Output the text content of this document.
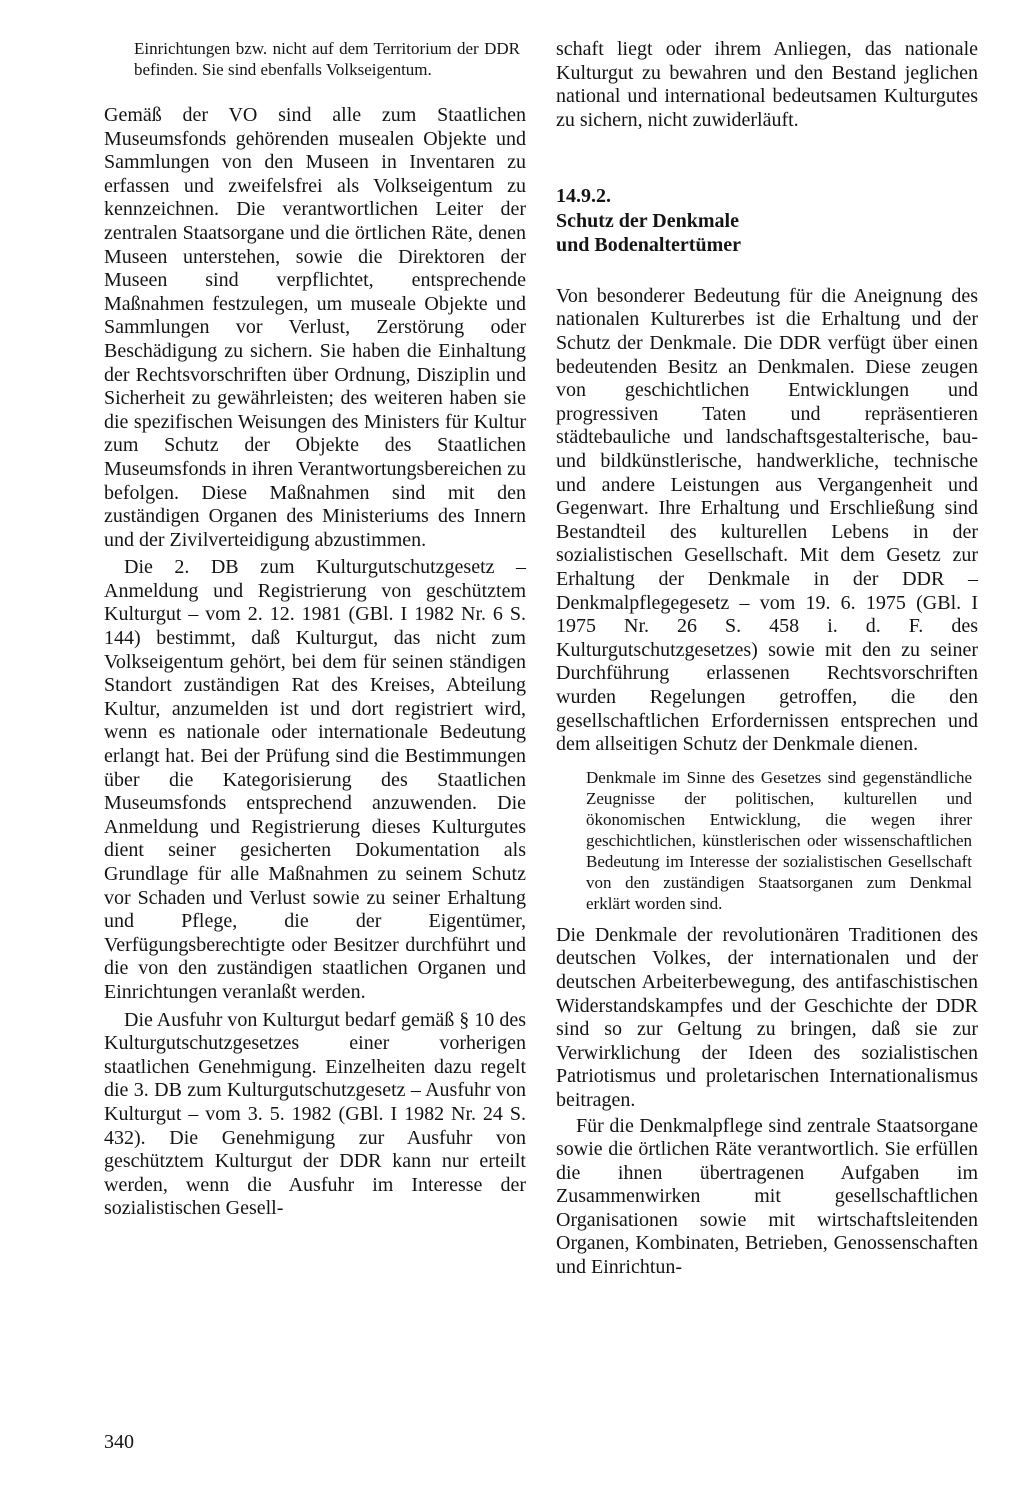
Einrichtungen bzw. nicht auf dem Territorium der DDR befinden. Sie sind ebenfalls Volkseigentum.

Gemäß der VO sind alle zum Staatlichen Museumsfonds gehörenden musealen Objekte und Sammlungen von den Museen in Inventaren zu erfassen und zweifelsfrei als Volkseigentum zu kennzeichnen. Die verantwortlichen Leiter der zentralen Staatsorgane und die örtlichen Räte, denen Museen unterstehen, sowie die Direktoren der Museen sind verpflichtet, entsprechende Maßnahmen festzulegen, um museale Objekte und Sammlungen vor Verlust, Zerstörung oder Beschädigung zu sichern. Sie haben die Einhaltung der Rechtsvorschriften über Ordnung, Disziplin und Sicherheit zu gewährleisten; des weiteren haben sie die spezifischen Weisungen des Ministers für Kultur zum Schutz der Objekte des Staatlichen Museumsfonds in ihren Verantwortungsbereichen zu befolgen. Diese Maßnahmen sind mit den zuständigen Organen des Ministeriums des Innern und der Zivilverteidigung abzustimmen.

Die 2. DB zum Kulturgutschutzgesetz – Anmeldung und Registrierung von geschütztem Kulturgut – vom 2. 12. 1981 (GBl. I 1982 Nr. 6 S. 144) bestimmt, daß Kulturgut, das nicht zum Volkseigentum gehört, bei dem für seinen ständigen Standort zuständigen Rat des Kreises, Abteilung Kultur, anzumelden ist und dort registriert wird, wenn es nationale oder internationale Bedeutung erlangt hat. Bei der Prüfung sind die Bestimmungen über die Kategorisierung des Staatlichen Museumsfonds entsprechend anzuwenden. Die Anmeldung und Registrierung dieses Kulturgutes dient seiner gesicherten Dokumentation als Grundlage für alle Maßnahmen zu seinem Schutz vor Schaden und Verlust sowie zu seiner Erhaltung und Pflege, die der Eigentümer, Verfügungsberechtigte oder Besitzer durchführt und die von den zuständigen staatlichen Organen und Einrichtungen veranlaßt werden.

Die Ausfuhr von Kulturgut bedarf gemäß § 10 des Kulturgutschutzgesetzes einer vorherigen staatlichen Genehmigung. Einzelheiten dazu regelt die 3. DB zum Kulturgutschutzgesetz – Ausfuhr von Kulturgut – vom 3. 5. 1982 (GBl. I 1982 Nr. 24 S. 432). Die Genehmigung zur Ausfuhr von geschütztem Kulturgut der DDR kann nur erteilt werden, wenn die Ausfuhr im Interesse der sozialistischen Gesell-

schaft liegt oder ihrem Anliegen, das nationale Kulturgut zu bewahren und den Bestand jeglichen national und international bedeutsamen Kulturgutes zu sichern, nicht zuwiderläuft.

14.9.2.
Schutz der Denkmale
und Bodenaltertümer

Von besonderer Bedeutung für die Aneignung des nationalen Kulturerbes ist die Erhaltung und der Schutz der Denkmale. Die DDR verfügt über einen bedeutenden Besitz an Denkmalen. Diese zeugen von geschichtlichen Entwicklungen und progressiven Taten und repräsentieren städtebauliche und landschaftsgestalterische, bau- und bildkünstlerische, handwerkliche, technische und andere Leistungen aus Vergangenheit und Gegenwart. Ihre Erhaltung und Erschließung sind Bestandteil des kulturellen Lebens in der sozialistischen Gesellschaft. Mit dem Gesetz zur Erhaltung der Denkmale in der DDR – Denkmalpflegegesetz – vom 19. 6. 1975 (GBl. I 1975 Nr. 26 S. 458 i. d. F. des Kulturgutschutzgesetzes) sowie mit den zu seiner Durchführung erlassenen Rechtsvorschriften wurden Regelungen getroffen, die den gesellschaftlichen Erfordernissen entsprechen und dem allseitigen Schutz der Denkmale dienen.

Denkmale im Sinne des Gesetzes sind gegenständliche Zeugnisse der politischen, kulturellen und ökonomischen Entwicklung, die wegen ihrer geschichtlichen, künstlerischen oder wissenschaftlichen Bedeutung im Interesse der sozialistischen Gesellschaft von den zuständigen Staatsorganen zum Denkmal erklärt worden sind.

Die Denkmale der revolutionären Traditionen des deutschen Volkes, der internationalen und der deutschen Arbeiterbewegung, des antifaschistischen Widerstandskampfes und der Geschichte der DDR sind so zur Geltung zu bringen, daß sie zur Verwirklichung der Ideen des sozialistischen Patriotismus und proletarischen Internationalismus beitragen.

Für die Denkmalpflege sind zentrale Staatsorgane sowie die örtlichen Räte verantwortlich. Sie erfüllen die ihnen übertragenen Aufgaben im Zusammenwirken mit gesellschaftlichen Organisationen sowie mit wirtschaftsleitenden Organen, Kombinaten, Betrieben, Genossenschaften und Einrichtun-

340
